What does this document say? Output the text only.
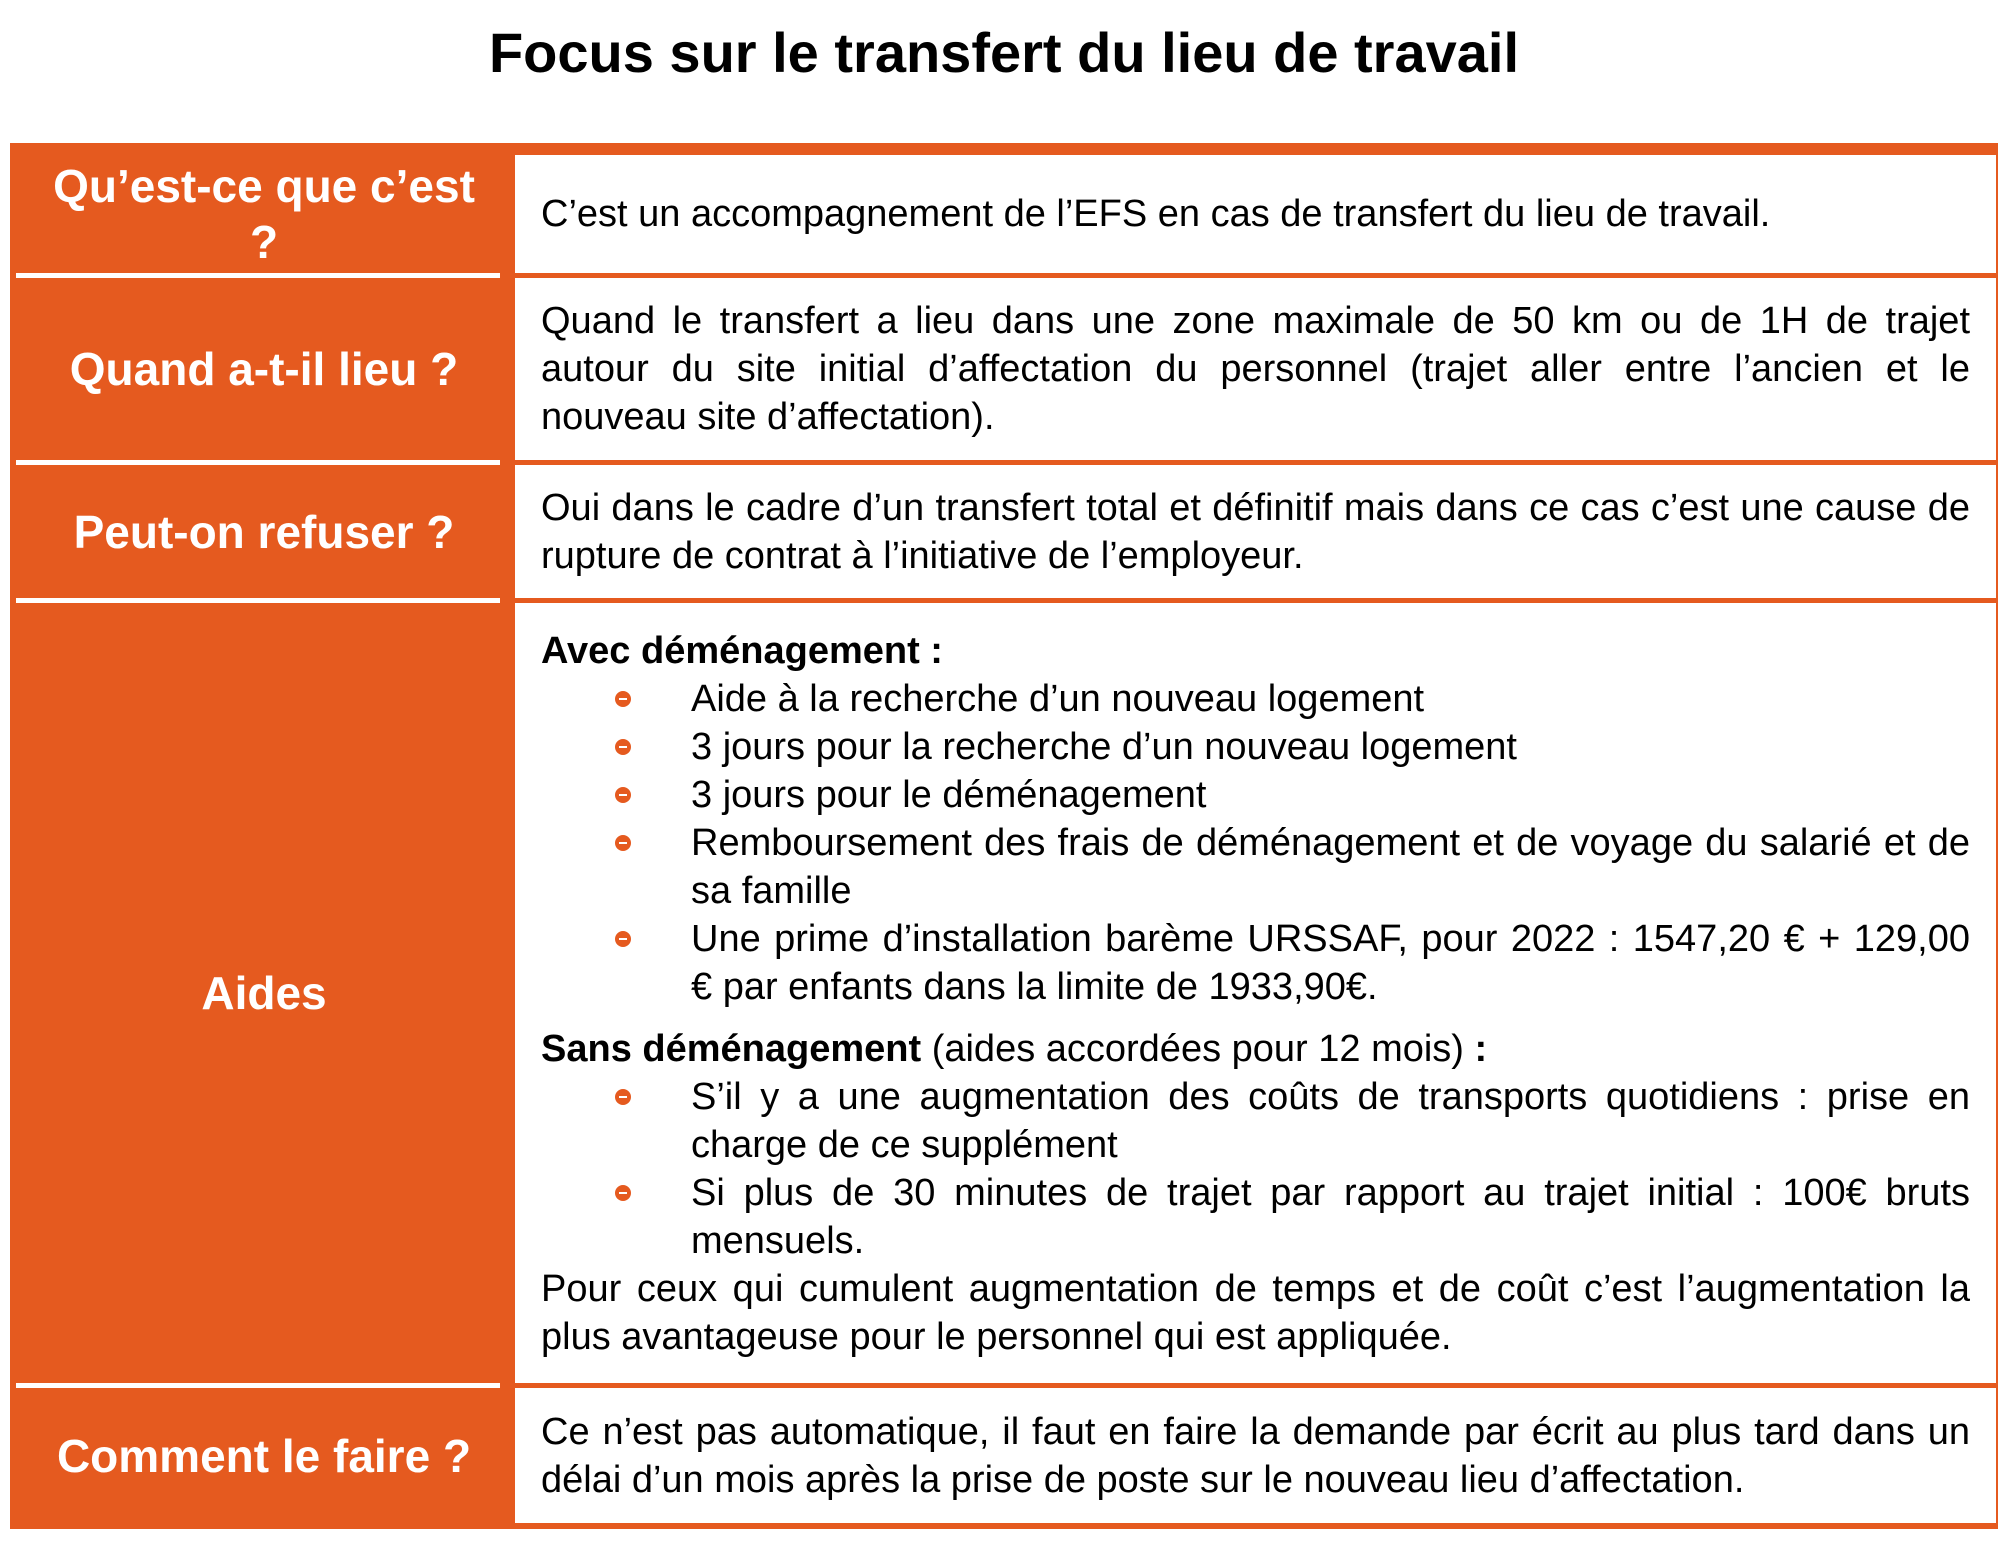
Focus sur le transfert du lieu de travail
Qu’est-ce que c’est ?

C’est un accompagnement de l’EFS en cas de transfert du lieu de travail.

Quand a-t-il lieu ?

Quand le transfert a lieu dans une zone maximale de 50 km ou de 1H de trajet autour du site initial d’affectation du personnel (trajet aller entre l’ancien et le nouveau site d’affectation).

Peut-on refuser ?	Oui dans le cadre d’un transfert total et définitif mais dans ce cas c’est une cause de rupture de contrat à l’initiative de l’employeur.

Aides

Avec déménagement :

Aide à la recherche d’un nouveau logement
3 jours pour la recherche d’un nouveau logement
3 jours pour le déménagement
Remboursement des frais de déménagement et de voyage du salarié et de sa famille
Une prime d’installation barème URSSAF, pour 2022 : 1547,20 € + 129,00 € par enfants dans la limite de 1933,90€.

Sans déménagement (aides accordées pour 12 mois) :

S’il y a une augmentation des coûts de transports quotidiens : prise en charge de ce supplément
Si plus de 30 minutes de trajet par rapport au trajet initial : 100€ bruts mensuels.

Pour ceux qui cumulent augmentation de temps et de coût c’est l’augmentation la plus avantageuse pour le personnel qui est appliquée.

Comment le faire ?	Ce n’est pas automatique, il faut en faire la demande par écrit au plus tard dans un délai d’un mois après la prise de poste sur le nouveau lieu d’affectation.
